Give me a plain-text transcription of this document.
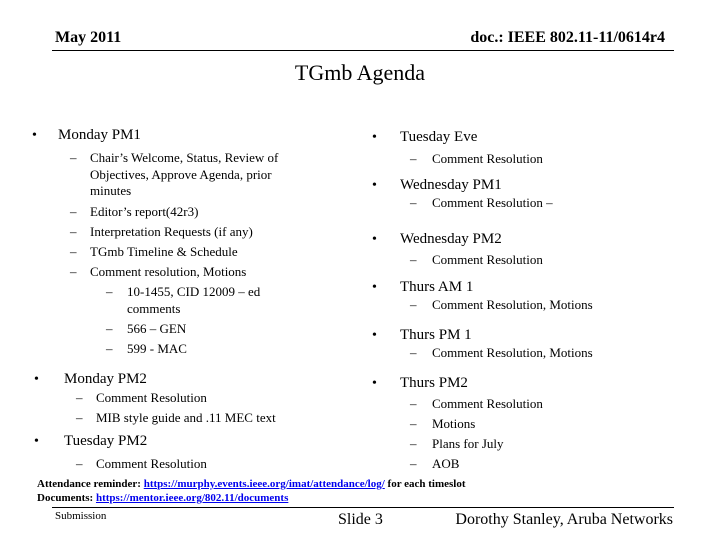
May 2011	doc.: IEEE 802.11-11/0614r4
TGmb Agenda
• Monday PM1
– Chair’s Welcome, Status, Review of
Objectives, Approve Agenda, prior
minutes
– Editor’s report(42r3)
– Interpretation Requests (if any)
– TGmb Timeline & Schedule
– Comment resolution, Motions
– 10-1455, CID 12009 – ed
comments
– 566 – GEN
– 599 - MAC
• Monday PM2
– Comment Resolution
– MIB style guide and .11 MEC text
• Tuesday PM2
– Comment Resolution
• Tuesday Eve
– Comment Resolution
• Wednesday PM1
– Comment Resolution –
• Wednesday PM2
– Comment Resolution
• Thurs AM 1
– Comment Resolution, Motions
• Thurs PM 1
– Comment Resolution, Motions
• Thurs PM2
– Comment Resolution
– Motions
– Plans for July
– AOB
Attendance reminder: https://murphy.events.ieee.org/imat/attendance/log/ for each timeslot
Documents: https://mentor.ieee.org/802.11/documents
Submission	Slide 3	Dorothy Stanley, Aruba Networks
